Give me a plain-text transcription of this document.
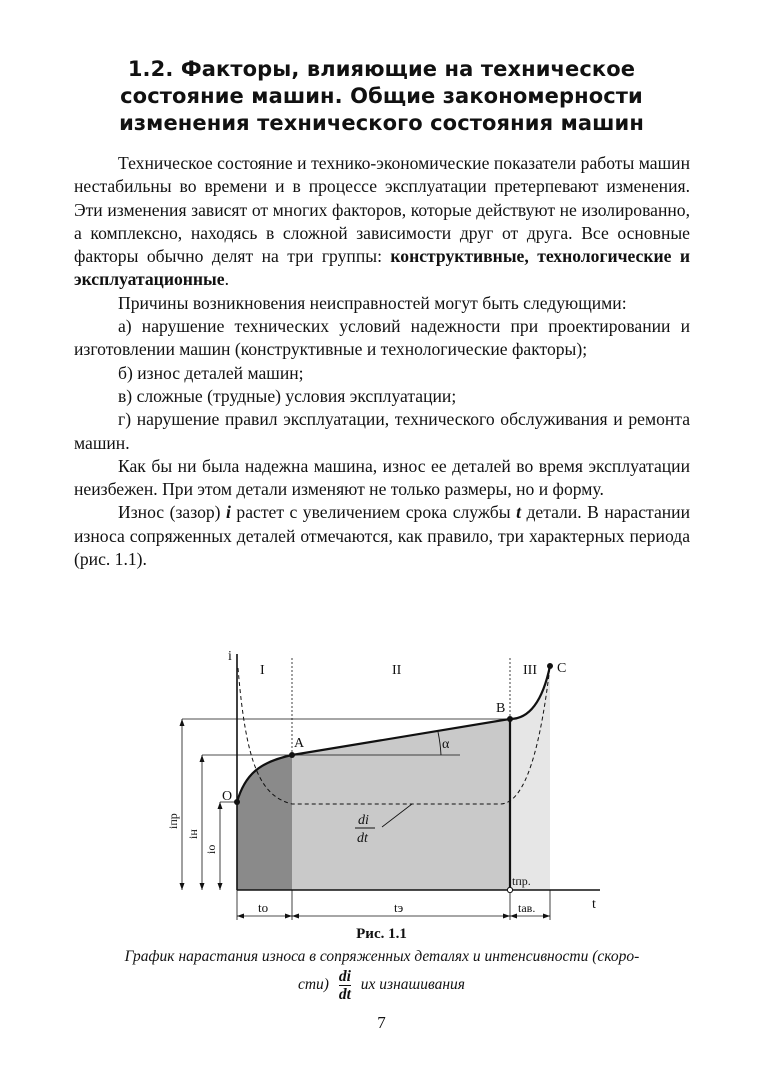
1.2. Факторы, влияющие на техническое
состояние машин. Общие закономерности
изменения технического состояния машин

Техническое состояние и технико-экономические показатели работы машин нестабильны во времени и в процессе эксплуатации претерпевают изменения. Эти изменения зависят от многих факторов, которые действуют не изолированно, а комплексно, находясь в сложной зависимости друг от друга. Все основные факторы обычно делят на три группы: конструктивные, технологические и эксплуатационные.

Причины возникновения неисправностей могут быть следующими:

а) нарушение технических условий надежности при проектировании и изготовлении машин (конструктивные и технологические факторы);

б) износ деталей машин;

в) сложные (трудные) условия эксплуатации;

г) нарушение правил эксплуатации, технического обслуживания и ремонта машин.

Как бы ни была надежна машина, износ ее деталей во время эксплуатации неизбежен. При этом детали изменяют не только размеры, но и форму.

Износ (зазор) i растет с увеличением срока службы t детали. В нарастании износа сопряженных деталей отмечаются, как правило, три характерных периода (рис. 1.1).

i
t
I	II	III
O
A
B
C
α
di
dt
iпр
iн
iо
tпр.
tо	tэ	tав.
Рис. 1.1
График нарастания износа в сопряженных деталях и интенсивности (скоро-
$сти) \frac{di}{dt}$ их изнашивания
7
